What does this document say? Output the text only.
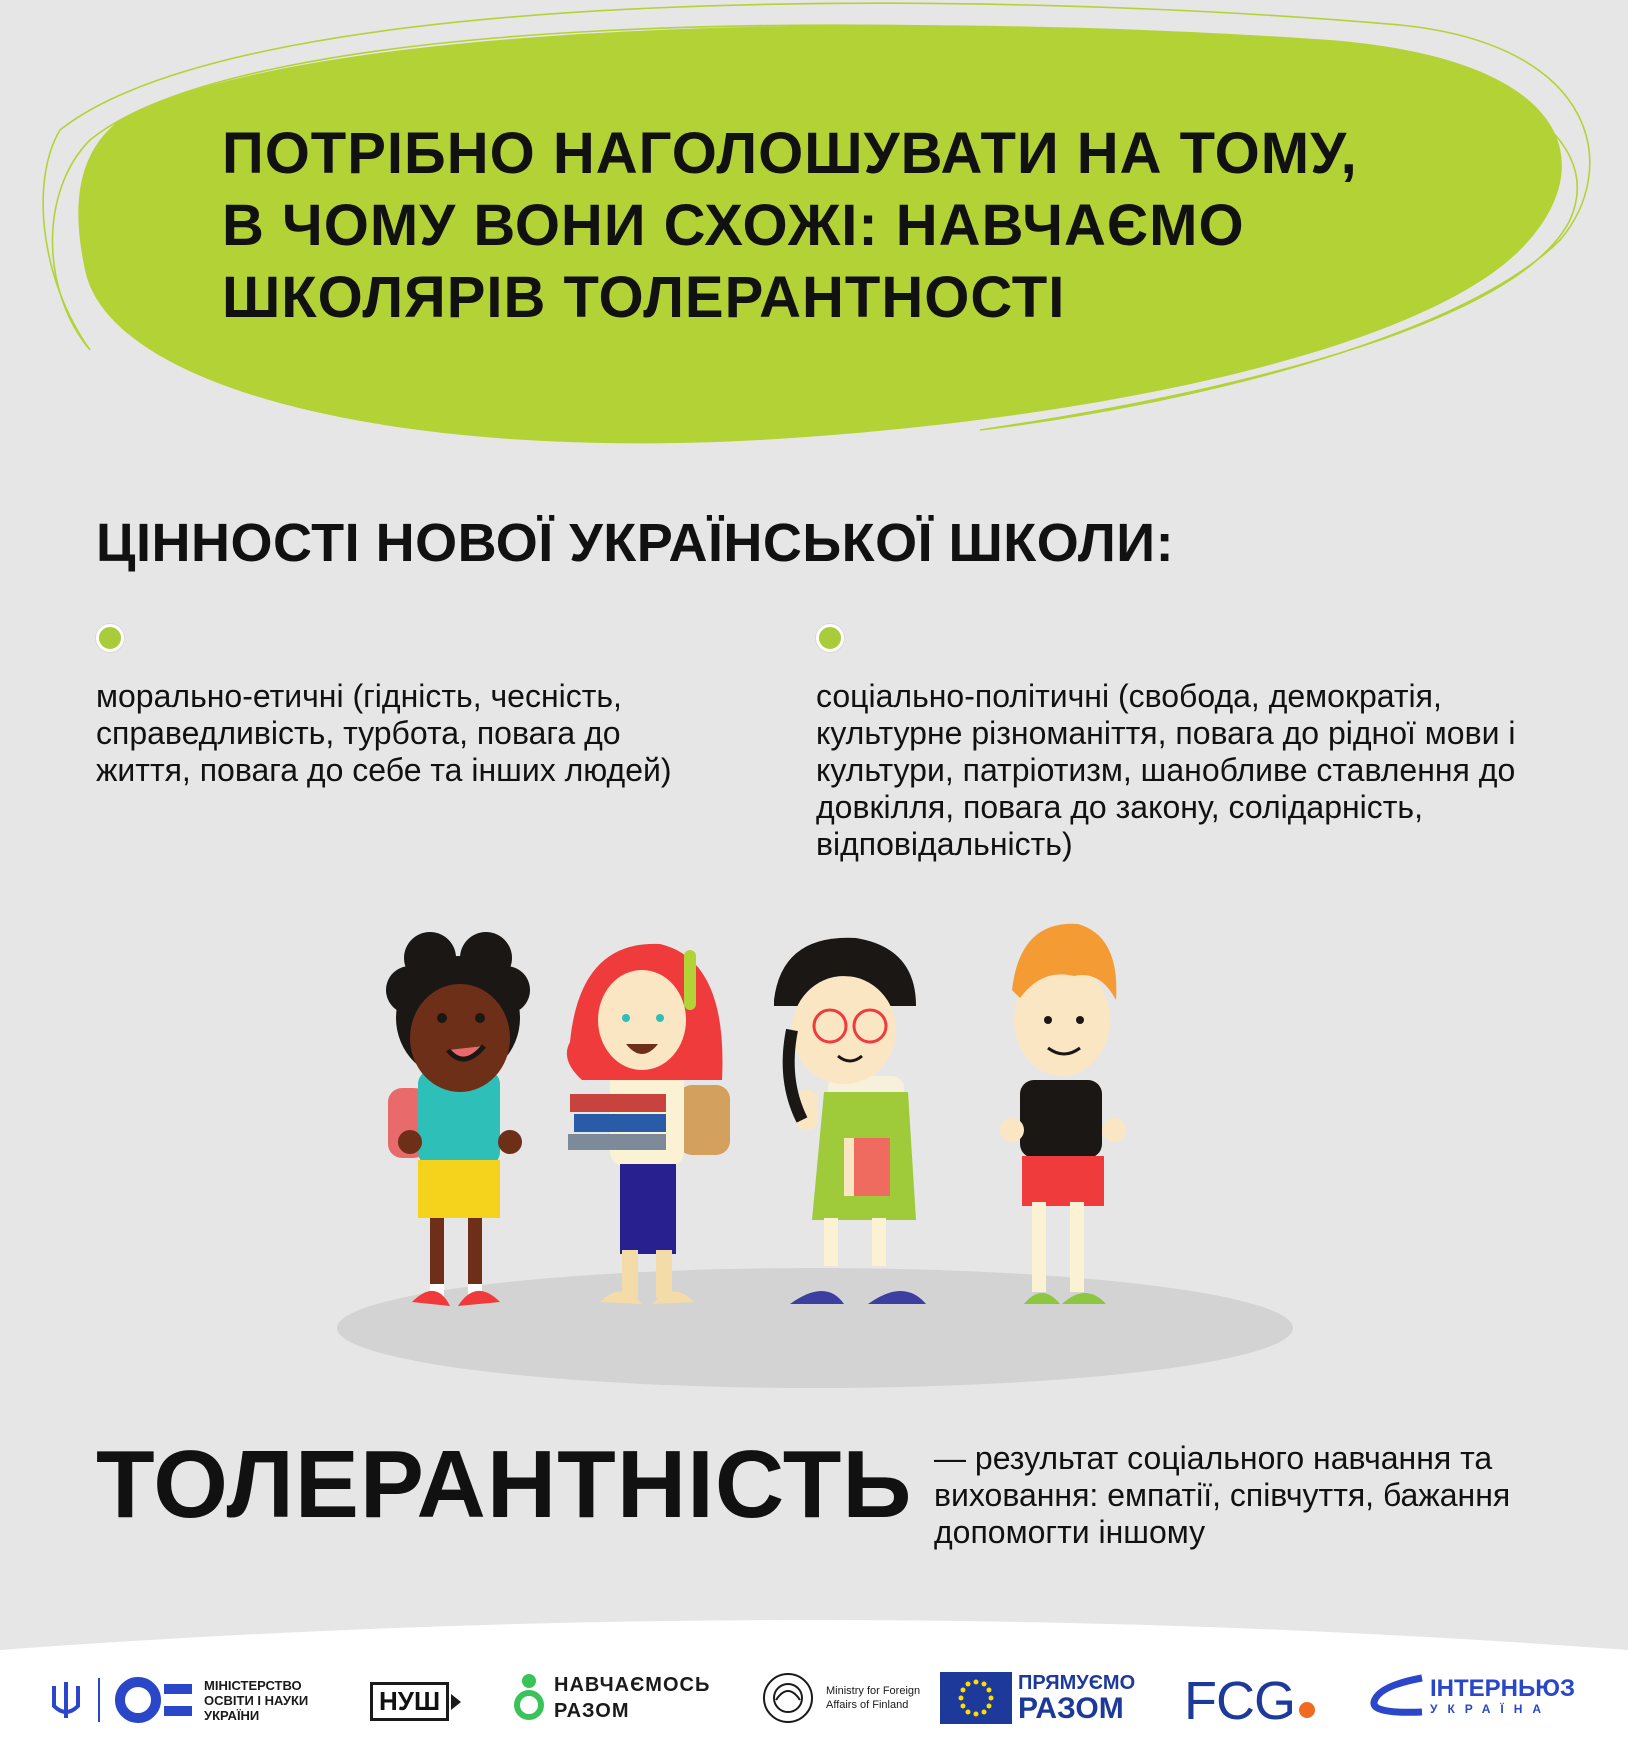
ПОТРІБНО НАГОЛОШУВАТИ НА ТОМУ,
В ЧОМУ ВОНИ СХОЖІ: НАВЧАЄМО
ШКОЛЯРІВ ТОЛЕРАНТНОСТІ
ЦІННОСТІ НОВОЇ УКРАЇНСЬКОЇ ШКОЛИ:

морально-етичні (гідність, чесність, справедливість, турбота, повага до життя, повага до себе та інших людей)

соціально-політичні (свобода, демократія, культурне різноманіття, повага до рідної мови і культури, патріотизм, шанобливе ставлення до довкілля, повага до закону, солідарність, відповідальність)

ТОЛЕРАНТНІСТЬ — результат соціального навчання та виховання: емпатії, співчуття, бажання допомогти іншому

МІНІСТЕРСТВО
ОСВІТИ І НАУКИ
УКРАЇНИ	НУШ
НАВЧАЄМОСЬ
РАЗОМ
Ministry for Foreign
Affairs of Finland
ПРЯМУЄМО
РАЗОМ FCG	ІНТЕРНЬЮЗ
УКРАЇНА
